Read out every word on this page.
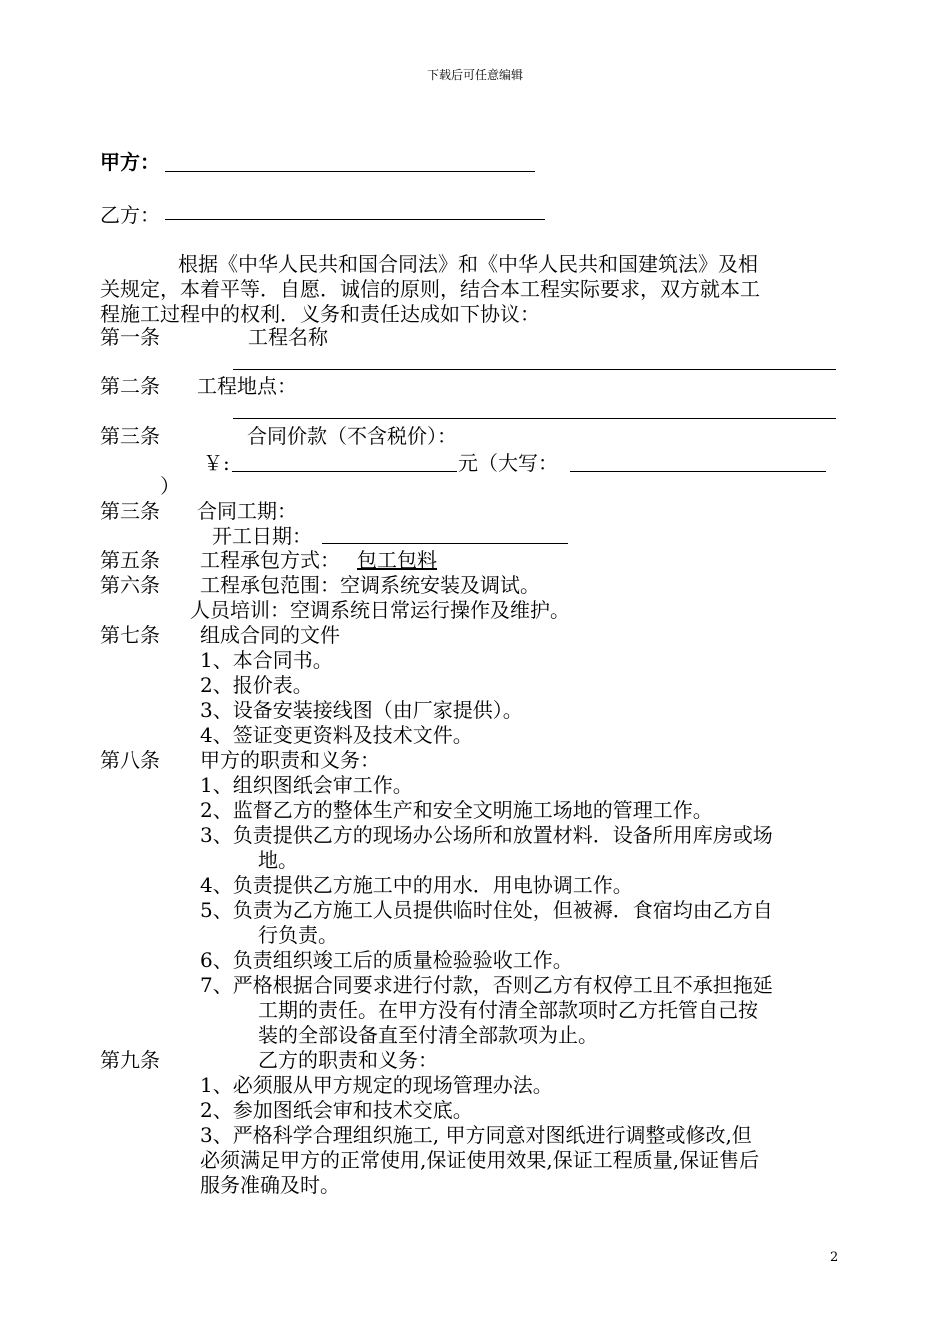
下载后可任意编辑
甲方：
乙方：
根据《中华人民共和国合同法》和《中华人民共和国建筑法》及相
关规定，本着平等．自愿．诚信的原则，结合本工程实际要求，双方就本工
程施工过程中的权利．义务和责任达成如下协议：
第一条	工程名称
第二条 工程地点：
第三条	合同价款（不含税价）：
￥:	元（大写：
）
第三条 合同工期：
开工日期：
第五条 工程承包方式： 包工包料
第六条 工程承包范围：空调系统安装及调试。
人员培训：空调系统日常运行操作及维护。
第七条 组成合同的文件
1、本合同书。
2、报价表。
3、设备安装接线图（由厂家提供）。
4、签证变更资料及技术文件。
第八条 甲方的职责和义务：
1、组织图纸会审工作。
2、监督乙方的整体生产和安全文明施工场地的管理工作。
3、负责提供乙方的现场办公场所和放置材料．设备所用库房或场
地。
4、负责提供乙方施工中的用水．用电协调工作。
5、负责为乙方施工人员提供临时住处，但被褥．食宿均由乙方自
行负责。
6、负责组织竣工后的质量检验验收工作。
7、严格根据合同要求进行付款，否则乙方有权停工且不承担拖延
工期的责任。在甲方没有付清全部款项时乙方托管自己按
装的全部设备直至付清全部款项为止。
第九条	乙方的职责和义务：
1、必须服从甲方规定的现场管理办法。
2、参加图纸会审和技术交底。
3、严格科学合理组织施工, 甲方同意对图纸进行调整或修改,但
必须满足甲方的正常使用,保证使用效果,保证工程质量,保证售后
服务准确及时。
2
